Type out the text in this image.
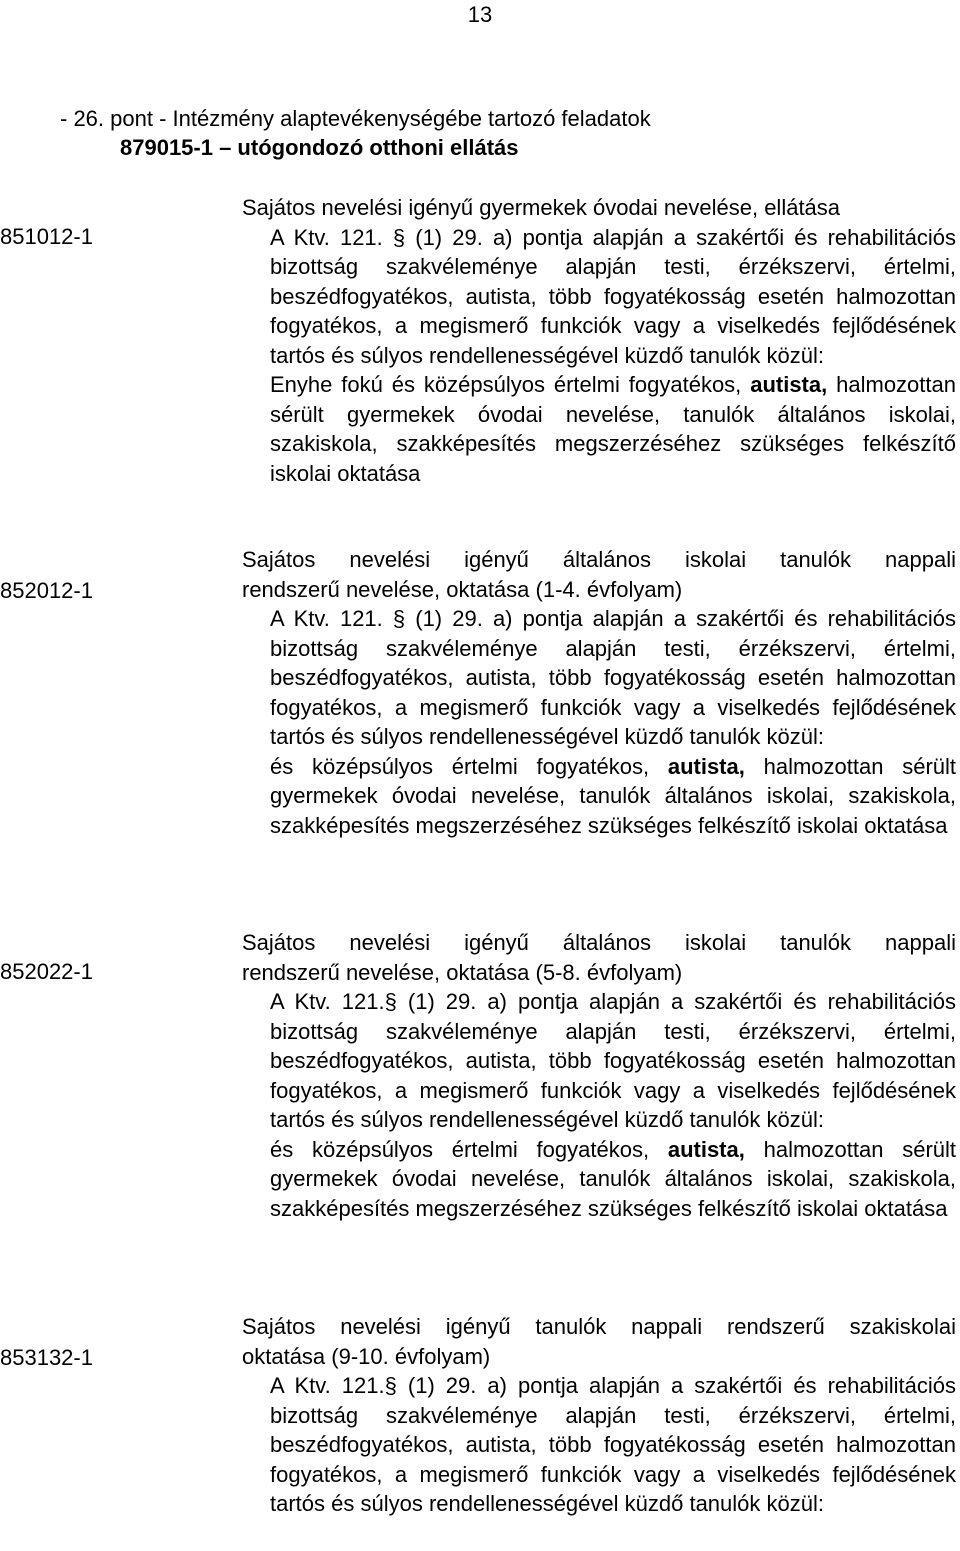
13
- 26. pont - Intézmény alaptevékenységébe tartozó feladatok
879015-1 – utógondozó otthoni ellátás
851012-1
Sajátos nevelési igényű gyermekek óvodai nevelése, ellátása

A Ktv. 121. § (1) 29. a) pontja alapján a szakértői és rehabilitációs bizottság szakvéleménye alapján testi, érzékszervi, értelmi, beszédfogyatékos, autista, több fogyatékosság esetén halmozottan fogyatékos, a megismerő funkciók vagy a viselkedés fejlődésének tartós és súlyos rendellenességével küzdő tanulók közül:

Enyhe fokú és középsúlyos értelmi fogyatékos, autista, halmozottan sérült gyermekek óvodai nevelése, tanulók általános iskolai, szakiskola, szakképesítés megszerzéséhez szükséges felkészítő iskolai oktatása

852012-1
Sajátos nevelési igényű általános iskolai tanulók nappali
rendszerű nevelése, oktatása (1-4. évfolyam)

A Ktv. 121. § (1) 29. a) pontja alapján a szakértői és rehabilitációs bizottság szakvéleménye alapján testi, érzékszervi, értelmi, beszédfogyatékos, autista, több fogyatékosság esetén halmozottan fogyatékos, a megismerő funkciók vagy a viselkedés fejlődésének tartós és súlyos rendellenességével küzdő tanulók közül:

és középsúlyos értelmi fogyatékos, autista, halmozottan sérült gyermekek óvodai nevelése, tanulók általános iskolai, szakiskola, szakképesítés megszerzéséhez szükséges felkészítő iskolai oktatása

852022-1
Sajátos nevelési igényű általános iskolai tanulók nappali
rendszerű nevelése, oktatása (5-8. évfolyam)

A Ktv. 121.§ (1) 29. a) pontja alapján a szakértői és rehabilitációs bizottság szakvéleménye alapján testi, érzékszervi, értelmi, beszédfogyatékos, autista, több fogyatékosság esetén halmozottan fogyatékos, a megismerő funkciók vagy a viselkedés fejlődésének tartós és súlyos rendellenességével küzdő tanulók közül:

és középsúlyos értelmi fogyatékos, autista, halmozottan sérült gyermekek óvodai nevelése, tanulók általános iskolai, szakiskola, szakképesítés megszerzéséhez szükséges felkészítő iskolai oktatása

853132-1
Sajátos nevelési igényű tanulók nappali rendszerű szakiskolai
oktatása (9-10. évfolyam)

A Ktv. 121.§ (1) 29. a) pontja alapján a szakértői és rehabilitációs bizottság szakvéleménye alapján testi, érzékszervi, értelmi, beszédfogyatékos, autista, több fogyatékosság esetén halmozottan fogyatékos, a megismerő funkciók vagy a viselkedés fejlődésének tartós és súlyos rendellenességével küzdő tanulók közül:
